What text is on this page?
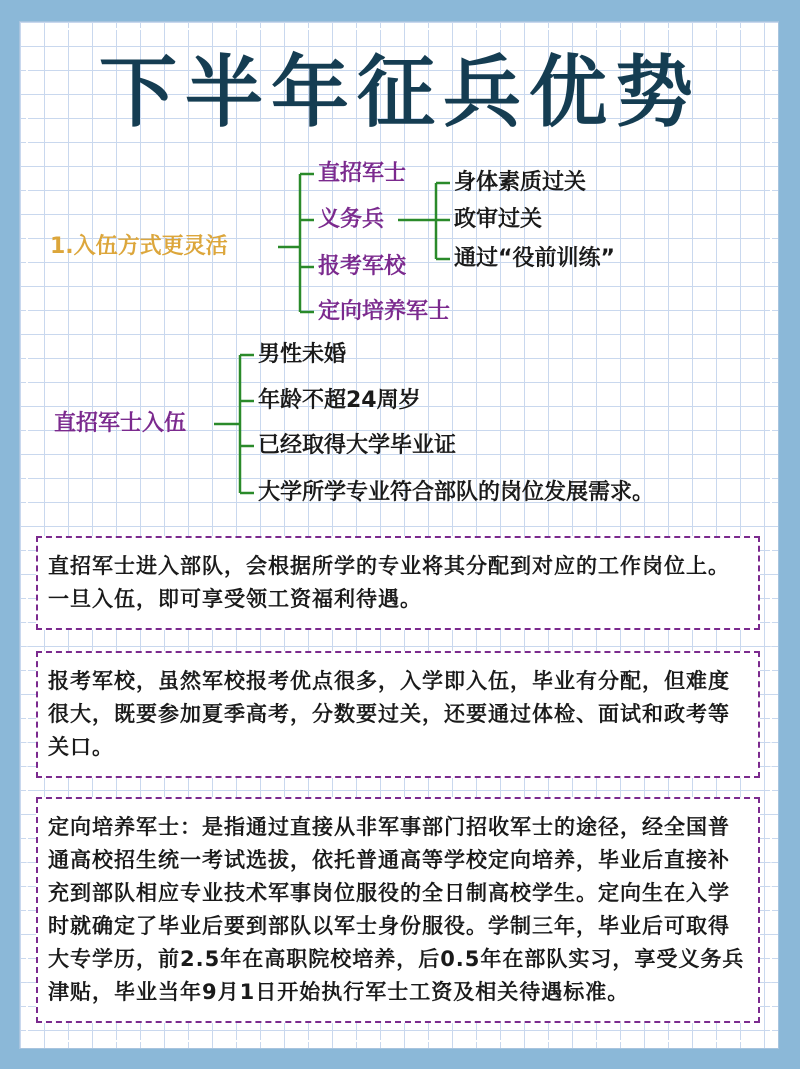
下半年征兵优势
1.入伍方式更灵活
直招军士
义务兵
报考军校
定向培养军士
身体素质过关
政审过关
通过“役前训练”
直招军士入伍
男性未婚
年龄不超24周岁
已经取得大学毕业证
大学所学专业符合部队的岗位发展需求。

直招军士进入部队，会根据所学的专业将其分配到对应的工作岗位上。一旦入伍，即可享受领工资福利待遇。

报考军校，虽然军校报考优点很多，入学即入伍，毕业有分配，但难度很大，既要参加夏季高考，分数要过关，还要通过体检、面试和政考等关口。

定向培养军士：是指通过直接从非军事部门招收军士的途径，经全国普通高校招生统一考试选拔，依托普通高等学校定向培养，毕业后直接补充到部队相应专业技术军事岗位服役的全日制高校学生。定向生在入学时就确定了毕业后要到部队以军士身份服役。学制三年，毕业后可取得大专学历，前2.5年在高职院校培养，后0.5年在部队实习，享受义务兵津贴，毕业当年9月1日开始执行军士工资及相关待遇标准。
